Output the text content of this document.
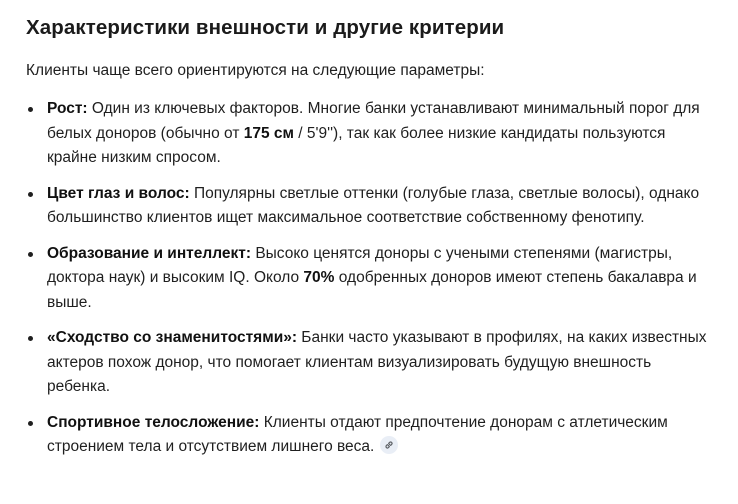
Характеристики внешности и другие критерии

Клиенты чаще всего ориентируются на следующие параметры:

Рост: Один из ключевых факторов. Многие банки устанавливают минимальный порог для белых доноров (обычно от 175 см / 5'9''), так как более низкие кандидаты пользуются крайне низким спросом.
Цвет глаз и волос: Популярны светлые оттенки (голубые глаза, светлые волосы), однако большинство клиентов ищет максимальное соответствие собственному фенотипу.
Образование и интеллект: Высоко ценятся доноры с учеными степенями (магистры, доктора наук) и высоким IQ. Около 70% одобренных доноров имеют степень бакалавра и выше.
«Сходство со знаменитостями»: Банки часто указывают в профилях, на каких известных актеров похож донор, что помогает клиентам визуализировать будущую внешность ребенка.
Спортивное телосложение: Клиенты отдают предпочтение донорам с атлетическим строением тела и отсутствием лишнего веса.
